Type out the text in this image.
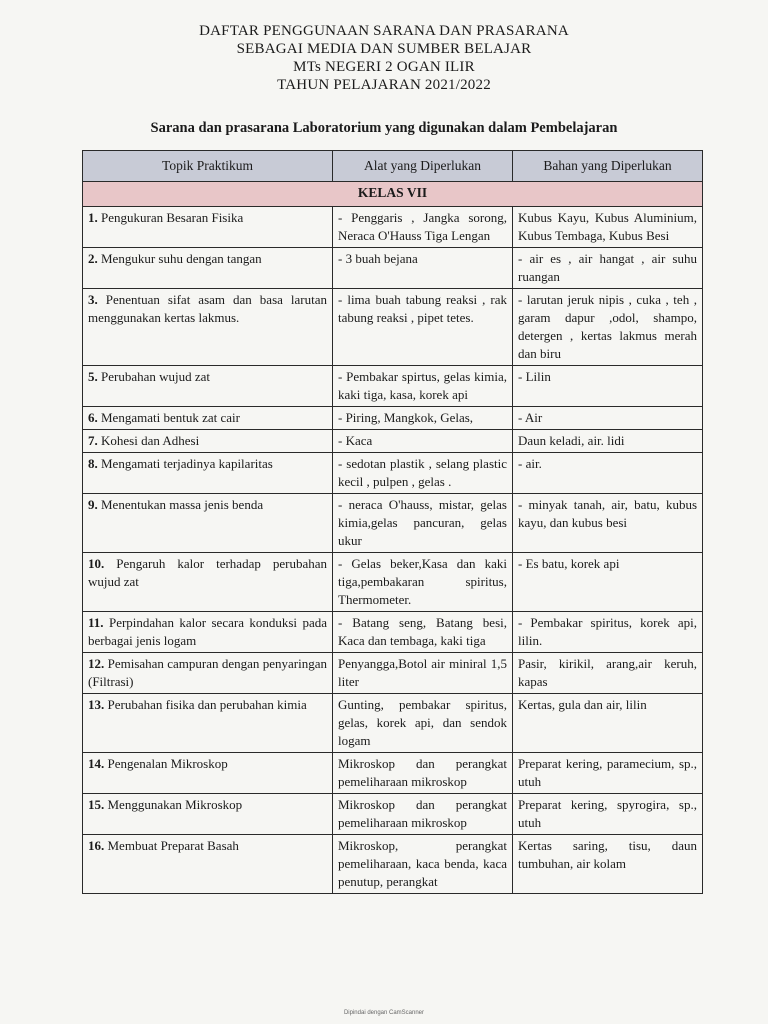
DAFTAR PENGGUNAAN SARANA DAN PRASARANA
SEBAGAI MEDIA DAN SUMBER BELAJAR
MTs NEGERI 2 OGAN ILIR
TAHUN PELAJARAN 2021/2022
Sarana dan prasarana Laboratorium yang digunakan dalam Pembelajaran
Topik Praktikum	Alat yang Diperlukan	Bahan yang Diperlukan
KELAS VII		
1. Pengukuran Besaran Fisika	- Penggaris , Jangka sorong, Neraca O'Hauss Tiga Lengan	Kubus Kayu, Kubus Aluminium, Kubus Tembaga, Kubus Besi
2. Mengukur suhu dengan tangan	- 3 buah bejana	- air es , air hangat , air suhu ruangan
3. Penentuan sifat asam dan basa larutan menggunakan kertas lakmus.	- lima buah tabung reaksi , rak tabung reaksi , pipet tetes.	- larutan jeruk nipis , cuka , teh , garam dapur ,odol, shampo, detergen , kertas lakmus merah dan biru
5. Perubahan wujud zat	- Pembakar spirtus, gelas kimia, kaki tiga, kasa, korek api	- Lilin
6. Mengamati bentuk zat cair	- Piring, Mangkok, Gelas,	- Air
7. Kohesi dan Adhesi	- Kaca	Daun keladi, air. lidi
8. Mengamati terjadinya kapilaritas	- sedotan plastik , selang plastic kecil , pulpen , gelas .	- air.
9. Menentukan massa jenis benda	- neraca O'hauss, mistar, gelas kimia,gelas pancuran, gelas ukur	- minyak tanah, air, batu, kubus kayu, dan kubus besi
10. Pengaruh kalor terhadap perubahan wujud zat	- Gelas beker,Kasa dan kaki tiga,pembakaran spiritus, Thermometer.	- Es batu, korek api
11. Perpindahan kalor secara konduksi pada berbagai jenis logam	- Batang seng, Batang besi, Kaca dan tembaga, kaki tiga	- Pembakar spiritus, korek api, lilin.
12. Pemisahan campuran dengan penyaringan (Filtrasi)	Penyangga,Botol air miniral 1,5 liter	Pasir, kirikil, arang,air keruh, kapas
13. Perubahan fisika dan perubahan kimia	Gunting, pembakar spiritus, gelas, korek api, dan sendok logam	Kertas, gula dan air, lilin
14. Pengenalan Mikroskop	Mikroskop dan perangkat pemeliharaan mikroskop	Preparat kering, paramecium, sp., utuh
15. Menggunakan Mikroskop	Mikroskop dan perangkat pemeliharaan mikroskop	Preparat kering, spyrogira, sp., utuh
16. Membuat Preparat Basah	Mikroskop, perangkat pemeliharaan, kaca benda, kaca penutup, perangkat	Kertas saring, tisu, daun tumbuhan, air kolam
Dipindai dengan CamScanner
